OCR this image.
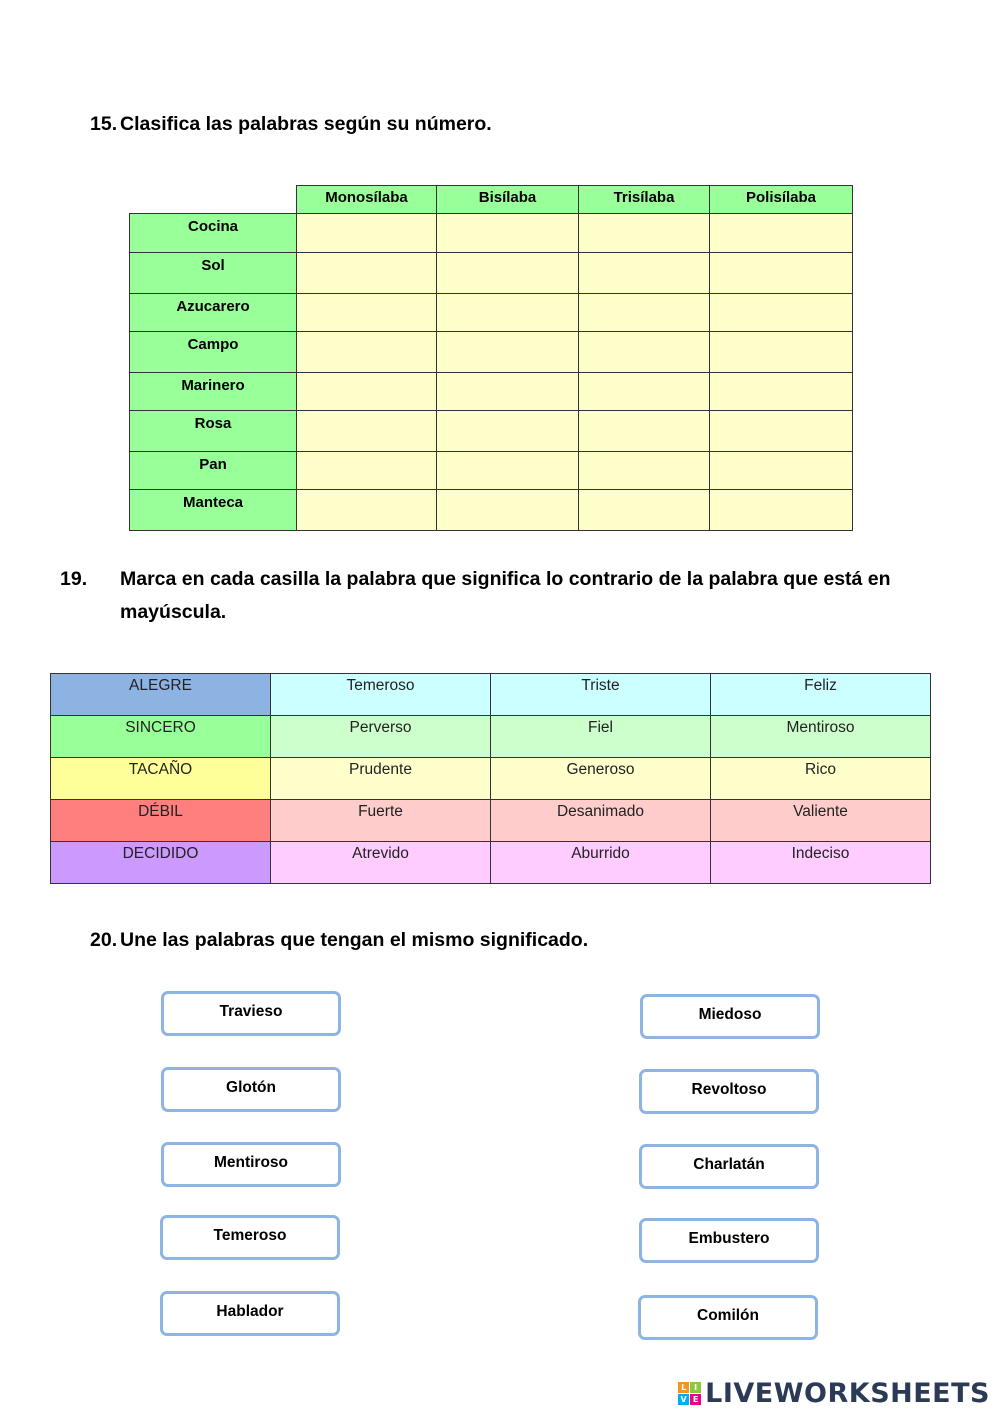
15. Clasifica las palabras según su número.

	Monosílaba	Bisílaba	Trisílaba	Polisílaba
Cocina				
Sol				
Azucarero				
Campo				
Marinero				
Rosa				
Pan				
Manteca				

19. Marca en cada casilla la palabra que significa lo contrario de la palabra que está en mayúscula.

ALEGRE	Temeroso	Triste	Feliz
SINCERO	Perverso	Fiel	Mentiroso
TACAÑO	Prudente	Generoso	Rico
DÉBIL	Fuerte	Desanimado	Valiente
DECIDIDO	Atrevido	Aburrido	Indeciso

20. Une las palabras que tengan el mismo significado.

Travieso
Glotón
Mentiroso
Temeroso
Hablador
Miedoso
Revoltoso
Charlatán
Embustero
Comilón
L I
V E LIVEWORKSHEETS
